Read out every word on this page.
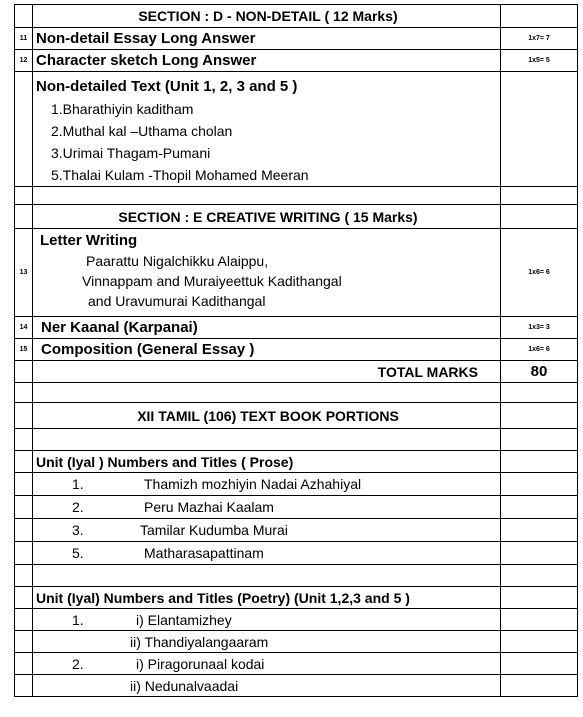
	SECTION : D - NON-DETAIL ( 12 Marks)	
11	Non-detail Essay Long Answer	1x7= 7
12	Character sketch Long Answer	1x5= 5

	Non-detailed Text (Unit 1, 2, 3 and 5 )
1.Bharathiyin kaditham
2.Muthal kal –Uthama cholan
3.Urimai Thagam-Pumani
5.Thalai Kulam -Thopil Mohamed Meeran	

	SECTION : E CREATIVE WRITING ( 15 Marks)	
13	Letter Writing
Paarattu Nigalchikku Alaippu,
Vinnappam and Muraiyeettuk Kadithangal
and Uravumurai Kadithangal	1x6= 6
14	Ner Kaanal (Karpanai)	1x3= 3
15	Composition (General Essay )	1x6= 6
	TOTAL MARKS	80

	XII TAMIL (106) TEXT BOOK PORTIONS	

	Unit (Iyal ) Numbers and Titles ( Prose)	
	1. Thamizh mozhiyin Nadai Azhahiyal	
	2. Peru Mazhai Kaalam	
	3. Tamilar Kudumba Murai	
	5. Matharasapattinam	

	Unit (Iyal) Numbers and Titles (Poetry) (Unit 1,2,3 and 5 )	
	1. i) Elantamizhey	
	ii) Thandiyalangaaram	
	2. i) Piragorunaal kodai	
	ii) Nedunalvaadai	
